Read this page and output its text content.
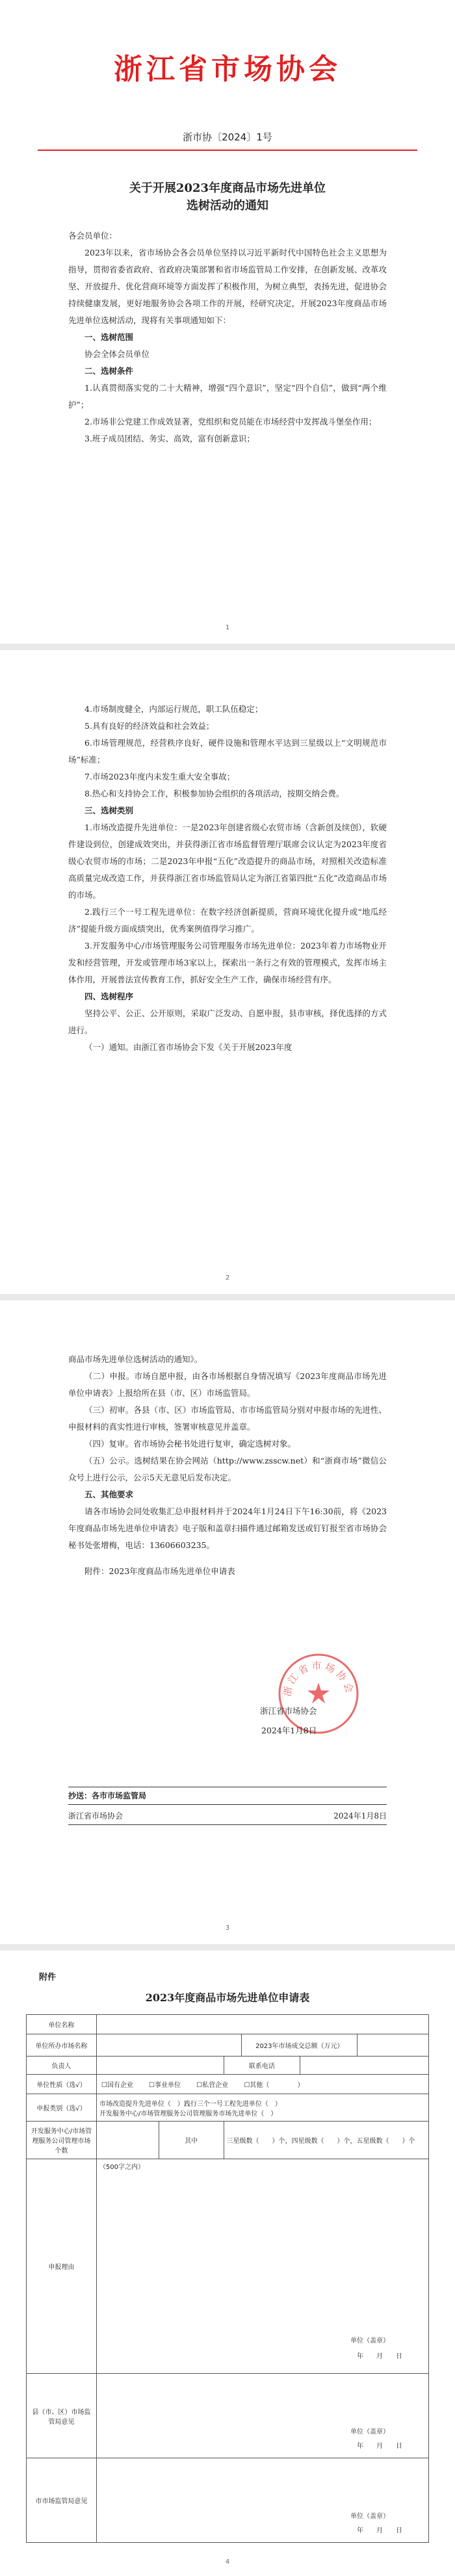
浙江省市场协会
浙市协〔2024〕1号
关于开展2023年度商品市场先进单位
选树活动的通知

各会员单位：

2023年以来，省市场协会各会员单位坚持以习近平新时代中国特色社会主义思想为指导，贯彻省委省政府、省政府决策部署和省市场监管局工作安排，在创新发展、改革攻坚、开放提升、优化营商环境等方面发挥了积极作用，为树立典型，表扬先进，促进协会持续健康发展，更好地服务协会各项工作的开展，经研究决定，开展2023年度商品市场先进单位选树活动，现将有关事项通知如下：

一、选树范围

协会全体会员单位

二、选树条件

1.认真贯彻落实党的二十大精神，增强“四个意识”，坚定“四个自信”，做到“两个维护”；

2.市场非公党建工作成效显著，党组织和党员能在市场经营中发挥战斗堡垒作用；

3.班子成员团结、务实、高效，富有创新意识；

1

4.市场制度健全，内部运行规范，职工队伍稳定；

5.具有良好的经济效益和社会效益；

6.市场管理规范，经营秩序良好，硬件设施和管理水平达到三星级以上“文明规范市场”标准；

7.市场2023年度内未发生重大安全事故；

8.热心和支持协会工作，积极参加协会组织的各项活动，按期交纳会费。

三、选树类别

1.市场改造提升先进单位：一是2023年创建省级心农贸市场（含新创及续创），软硬件建设到位，创建成效突出，并获得浙江省市场监督管理厅联席会议认定为2023年度省级心农贸市场的市场；二是2023年申报“五化”改造提升的商品市场，对照相关改造标准高质量完成改造工作，并获得浙江省市场监管局认定为浙江省第四批“五化”改造商品市场的市场。

2.践行三个一号工程先进单位：在数字经济创新提质，营商环境优化提升或“地瓜经济”提能升级方面成绩突出，优秀案例值得学习推广。

3.开发服务中心/市场管理服务公司管理服务市场先进单位：2023年着力市场物业开发和经营管理，开发或管理市场3家以上，探索出一条行之有效的管理模式，发挥市场主体作用，开展普法宣传教育工作，抓好安全生产工作，确保市场经营有序。

四、选树程序

坚持公平、公正、公开原则，采取广泛发动、自愿申报，县市审核，择优选择的方式进行。

（一）通知。由浙江省市场协会下发《关于开展2023年度

2

商品市场先进单位选树活动的通知》。

（二）申报。市场自愿申报，由各市场根据自身情况填写《2023年度商品市场先进单位申请表》上报给所在县（市、区）市场监管局。

（三）初审。各县（市、区）市场监管局、市市场监管局分别对申报市场的先进性、申报材料的真实性进行审核，签署审核意见并盖章。

（四）复审。省市场协会秘书处进行复审，确定选树对象。

（五）公示。选树结果在协会网站（http://www.zsscw.net）和“浙商市场”微信公众号上进行公示，公示5天无意见后发布决定。

五、其他要求

请各市场协会同处收集汇总申报材料并于2024年1月24日下午16:30前，将《2023年度商品市场先进单位申请表》电子版和盖章扫描件通过邮箱发送或钉钉报至省市场协会秘书处张增梅，电话：13606603235。

附件：2023年度商品市场先进单位申请表

浙江省市场协会
浙江省市场协会
2024年1月8日
抄送：各市市场监管局
浙江省市场协会	2024年1月8日
3
附件
2023年度商品市场先进单位申请表
单位名称						
单位所办市场名称				2023年市场成交总额（万元）		
负责人			联系电话			
单位性质（选√）	☐ 国有企业 ☐ 事业单位 ☐ 私营企业 ☐ 其他（ 　　　　）
申报类别（选√）	市场改造提升先进单位（　）践行三个一号工程先进单位（　）
开发服务中心/市场管理服务公司管理服务市场先进单位（　）					

开发服务中心/市场管理服务公司管理市场个数		其中	三星级数（　　）个，四星级数（　　）个，五星级数（　　）个			
申报理由	（500字之内）
单位（盖章）
年　　月　　日					

县（市、区）市场监管局意见	单位（盖章）
年　　月　　日					

市市场监管局意见	单位（盖章）
年　　月　　日					
4
